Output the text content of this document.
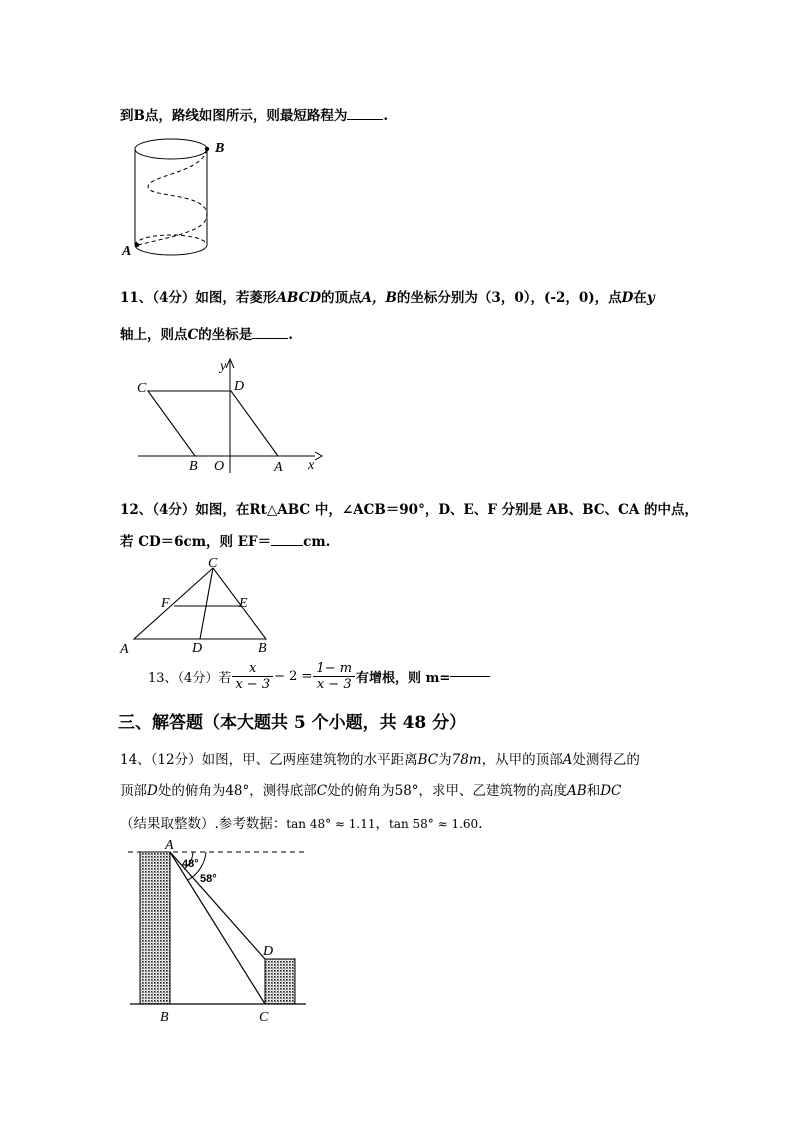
到B点，路线如图所示，则最短路程为	.
B
A
11、（4分）如图，若菱形ABCD的顶点A，B的坐标分别为（3，0），(-2，0)，点D在y
轴上，则点C的坐标是	.
C	D
y
B O	A x
12、（4分）如图，在Rt△ABC 中，∠ACB＝90°，D、E、F 分别是 AB、BC、CA 的中点，
若 CD＝6cm，则 EF＝ cm.
C
F	E
A	D	B
13、（4分）若 $\frac{x}{x - 3} - 2 = \frac{1- m}{x - 3}$ 有增根，则 m=
三、解答题（本大题共 5 个小题，共 48 分）
14、（12分）如图，甲、乙两座建筑物的水平距离BC为78m，从甲的顶部A处测得乙的
顶部D处的俯角为48°，测得底部C处的俯角为58°，求甲、乙建筑物的高度AB和DC
（结果取整数）.参考数据：tan 48° ≈ 1.11，tan 58° ≈ 1.60.
A
48°
58°
D
B	C
